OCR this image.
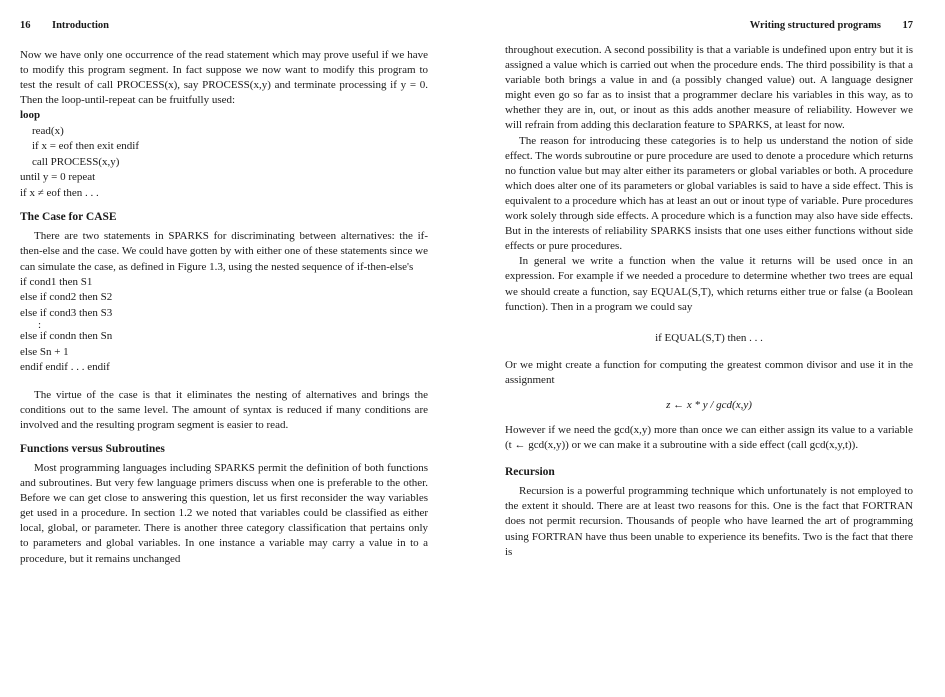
16 Introduction

Now we have only one occurrence of the read statement which may prove useful if we have to modify this program segment. In fact suppose we now want to modify this program to test the result of call PROCESS(x), say PROCESS(x,y) and terminate processing if y = 0. Then the loop-until-repeat can be fruitfully used:

loop
read(x)
if x = eof then exit endif
call PROCESS(x,y)
until y = 0 repeat
if x ≠ eof then . . .
The Case for CASE

There are two statements in SPARKS for discriminating between alternatives: the if-then-else and the case. We could have gotten by with either one of these statements since we can simulate the case, as defined in Figure 1.3, using the nested sequence of if-then-else's

if cond1 then S1
else if cond2 then S2
else if cond3 then S3
:
else if condn then Sn
else Sn + 1
endif endif . . . endif

The virtue of the case is that it eliminates the nesting of alternatives and brings the conditions out to the same level. The amount of syntax is reduced if many conditions are involved and the resulting program segment is easier to read.

Functions versus Subroutines

Most programming languages including SPARKS permit the definition of both functions and subroutines. But very few language primers discuss when one is preferable to the other. Before we can get close to answering this question, let us first reconsider the way variables get used in a procedure. In section 1.2 we noted that variables could be classified as either local, global, or parameter. There is another three category classification that pertains only to parameters and global variables. In one instance a variable may carry a value in to a procedure, but it remains unchanged

Writing structured programs 17

throughout execution. A second possibility is that a variable is undefined upon entry but it is assigned a value which is carried out when the procedure ends. The third possibility is that a variable both brings a value in and (a possibly changed value) out. A language designer might even go so far as to insist that a programmer declare his variables in this way, as to whether they are in, out, or inout as this adds another measure of reliability. However we will refrain from adding this declaration feature to SPARKS, at least for now.

The reason for introducing these categories is to help us understand the notion of side effect. The words subroutine or pure procedure are used to denote a procedure which returns no function value but may alter either its parameters or global variables or both. A procedure which does alter one of its parameters or global variables is said to have a side effect. This is equivalent to a procedure which has at least an out or inout type of variable. Pure procedures work solely through side effects. A procedure which is a function may also have side effects. But in the interests of reliability SPARKS insists that one uses either functions without side effects or pure procedures.

In general we write a function when the value it returns will be used once in an expression. For example if we needed a procedure to determine whether two trees are equal we should create a function, say EQUAL(S,T), which returns either true or false (a Boolean function). Then in a program we could say

if EQUAL(S,T) then . . .

Or we might create a function for computing the greatest common divisor and use it in the assignment

z ← x * y / gcd(x,y)

However if we need the gcd(x,y) more than once we can either assign its value to a variable (t ← gcd(x,y)) or we can make it a subroutine with a side effect (call gcd(x,y,t)).

Recursion

Recursion is a powerful programming technique which unfortunately is not employed to the extent it should. There are at least two reasons for this. One is the fact that FORTRAN does not permit recursion. Thousands of people who have learned the art of programming using FORTRAN have thus been unable to experience its benefits. Two is the fact that there is
